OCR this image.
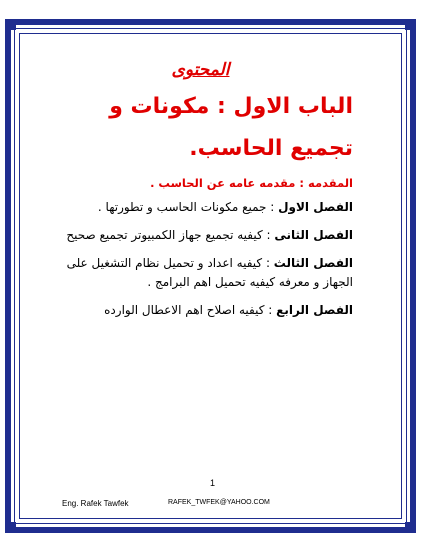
المحتوى
الباب الاول : مكونات و تجميع الحاسب.
المقدمه : مقدمه عامه عن الحاسب .
الفصل الاول : جميع مكونات الحاسب و تطورتها .
الفصل الثانى : كيفيه تجميع جهاز الكمبيوتر تجميع صحيح
الفصل الثالث : كيفيه اعداد و تحميل نظام التشغيل على الجهاز و معرفه كيفيه تحميل اهم البرامج .
الفصل الرابع : كيفيه اصلاح اهم الاعطال الوارده
1
Eng. Rafek Tawfek	RAFEK_TWFEK@YAHOO.COM
